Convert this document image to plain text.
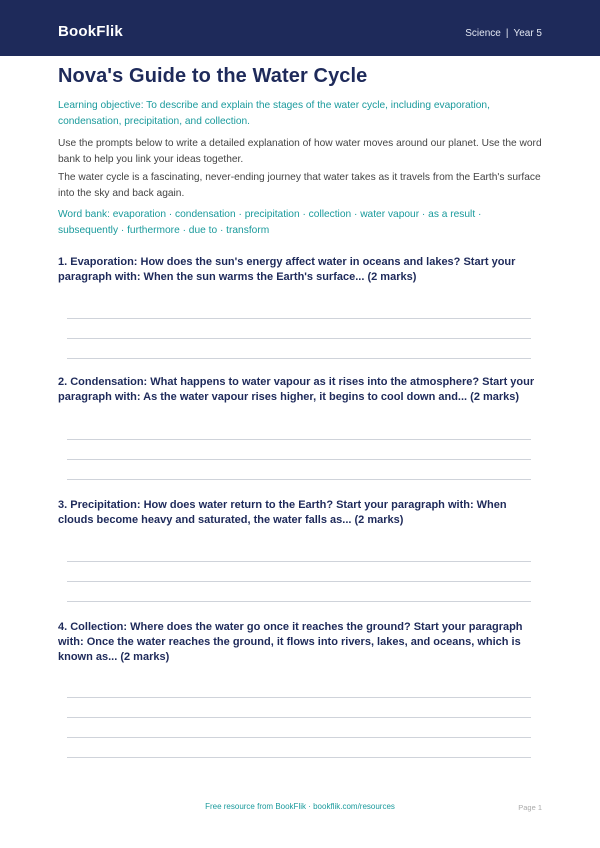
BookFlik	Science | Year 5
Nova's Guide to the Water Cycle

Learning objective: To describe and explain the stages of the water cycle, including evaporation, condensation, precipitation, and collection.

Use the prompts below to write a detailed explanation of how water moves around our planet. Use the word bank to help you link your ideas together.

The water cycle is a fascinating, never-ending journey that water takes as it travels from the Earth's surface into the sky and back again.

Word bank: evaporation · condensation · precipitation · collection · water vapour · as a result · subsequently · furthermore · due to · transform

1. Evaporation: How does the sun's energy affect water in oceans and lakes? Start your paragraph with: When the sun warms the Earth's surface... (2 marks)

2. Condensation: What happens to water vapour as it rises into the atmosphere? Start your paragraph with: As the water vapour rises higher, it begins to cool down and... (2 marks)

3. Precipitation: How does water return to the Earth? Start your paragraph with: When clouds become heavy and saturated, the water falls as... (2 marks)

4. Collection: Where does the water go once it reaches the ground? Start your paragraph with: Once the water reaches the ground, it flows into rivers, lakes, and oceans, which is known as... (2 marks)

Free resource from BookFlik · bookflik.com/resources	Page 1
